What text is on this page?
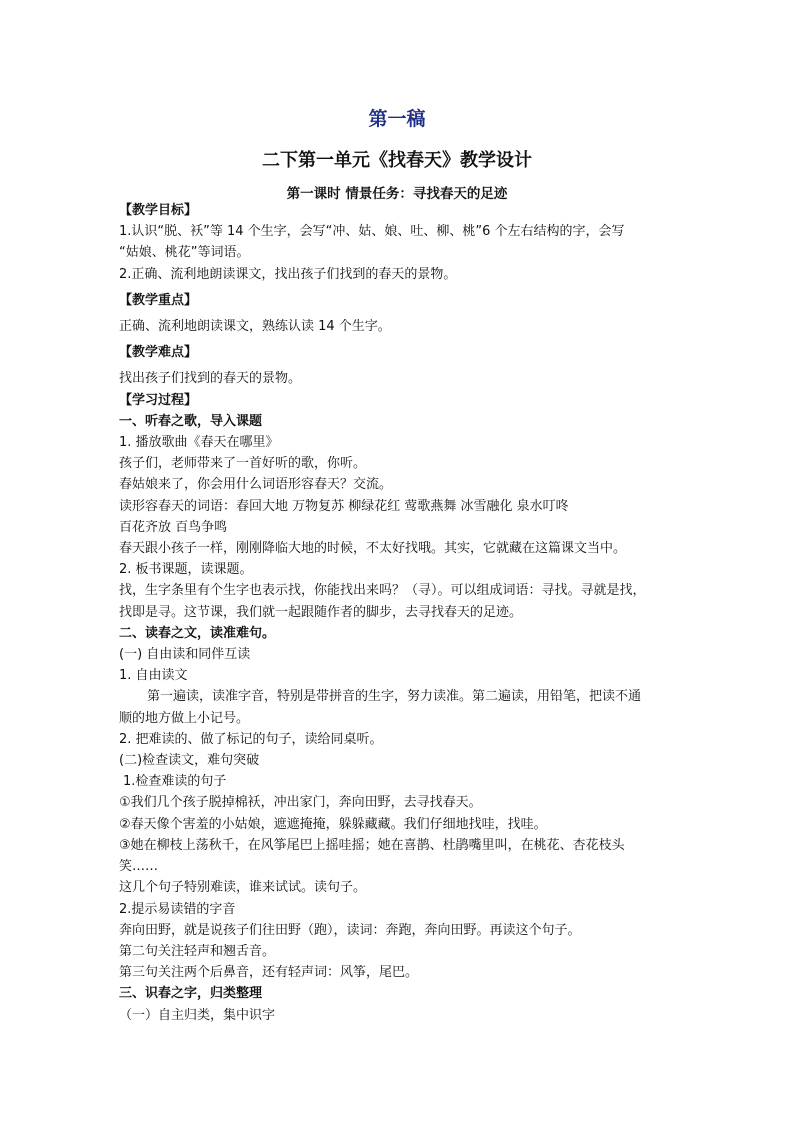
第一稿
二下第一单元《找春天》教学设计
第一课时 情景任务：寻找春天的足迹
【教学目标】
1.认识“脱、袄”等 14 个生字，会写“冲、姑、娘、吐、柳、桃”6 个左右结构的字，会写
“姑娘、桃花”等词语。
2.正确、流利地朗读课文，找出孩子们找到的春天的景物。
【教学重点】
正确、流利地朗读课文，熟练认读 14 个生字。
【教学难点】
找出孩子们找到的春天的景物。
【学习过程】
一、听春之歌，导入课题
1. 播放歌曲《春天在哪里》
孩子们，老师带来了一首好听的歌，你听。
春姑娘来了，你会用什么词语形容春天？交流。
读形容春天的词语：春回大地 万物复苏 柳绿花红 莺歌燕舞 冰雪融化 泉水叮咚
百花齐放 百鸟争鸣
春天跟小孩子一样，刚刚降临大地的时候，不太好找哦。其实，它就藏在这篇课文当中。
2. 板书课题，读课题。
找，生字条里有个生字也表示找，你能找出来吗？（寻）。可以组成词语：寻找。寻就是找，
找即是寻。这节课，我们就一起跟随作者的脚步，去寻找春天的足迹。
二、读春之文，读准难句。
(一) 自由读和同伴互读
1. 自由读文
第一遍读，读准字音，特别是带拼音的生字，努力读准。第二遍读，用铅笔，把读不通
顺的地方做上小记号。
2. 把难读的、做了标记的句子，读给同桌听。
(二)检查读文，难句突破
1.检查难读的句子
①我们几个孩子脱掉棉袄，冲出家门，奔向田野，去寻找春天。
②春天像个害羞的小姑娘，遮遮掩掩，躲躲藏藏。我们仔细地找哇，找哇。
③她在柳枝上荡秋千，在风筝尾巴上摇哇摇；她在喜鹊、杜鹃嘴里叫，在桃花、杏花枝头
笑……
这几个句子特别难读，谁来试试。读句子。
2.提示易读错的字音
奔向田野，就是说孩子们往田野（跑），读词：奔跑，奔向田野。再读这个句子。
第二句关注轻声和翘舌音。
第三句关注两个后鼻音，还有轻声词：风筝，尾巴。
三、识春之字，归类整理
（一）自主归类，集中识字
